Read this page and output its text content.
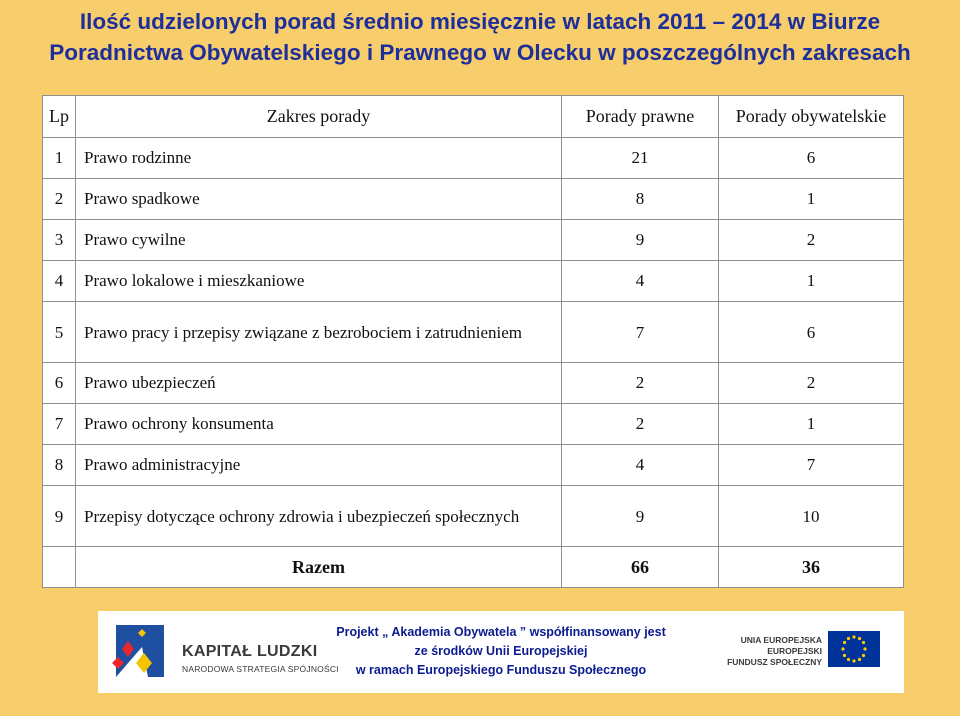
Ilość udzielonych porad średnio miesięcznie w latach 2011 – 2014 w Biurze
Poradnictwa Obywatelskiego i Prawnego w Olecku w poszczególnych zakresach
Lp	Zakres porady	Porady prawne	Porady obywatelskie
1	Prawo rodzinne	21	6
2	Prawo spadkowe	8	1
3	Prawo cywilne	9	2
4	Prawo lokalowe i mieszkaniowe	4	1
5	Prawo pracy i przepisy związane z bezrobociem i zatrudnieniem	7	6
6	Prawo ubezpieczeń	2	2
7	Prawo ochrony konsumenta	2	1
8	Prawo administracyjne	4	7
9	Przepisy dotyczące ochrony zdrowia i ubezpieczeń społecznych	9	10
	Razem	66	36
KAPITAŁ LUDZKI
NARODOWA STRATEGIA SPÓJNOŚCI
Projekt „ Akademia Obywatela ” współfinansowany jest
ze środków Unii Europejskiej
w ramach Europejskiego Funduszu Społecznego
UNIA EUROPEJSKA
EUROPEJSKI
FUNDUSZ SPOŁECZNY
